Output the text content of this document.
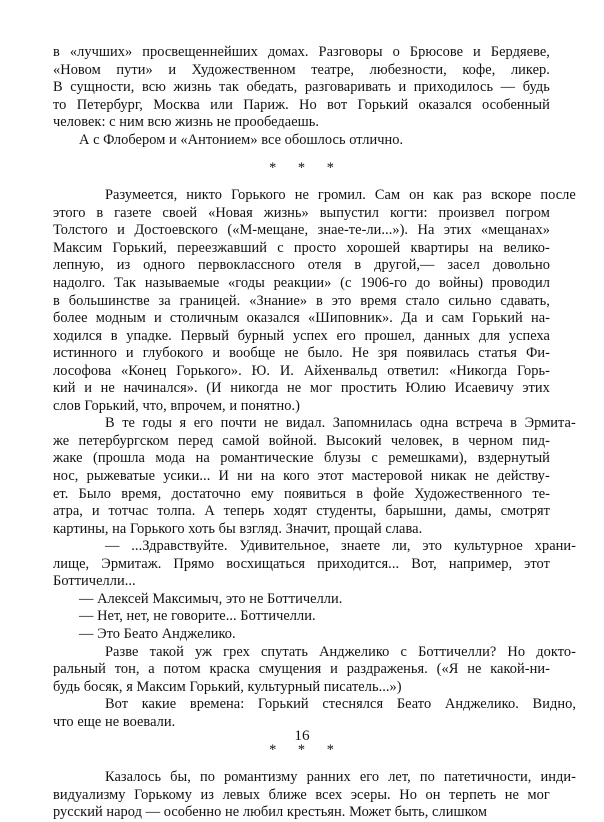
в «лучших» просвещеннейших домах. Разговоры о Брюсове и Бердяеве,
«Новом пути» и Художественном театре, любезности, кофе, ликер.
В сущности, всю жизнь так обедать, разговаривать и приходилось — будь
то Петербург, Москва или Париж. Но вот Горький оказался особенный
человек: с ним всю жизнь не прообедаешь.
А с Флобером и «Антонием» все обошлось отлично.
* * *
Разумеется, никто Горького не громил. Сам он как раз вскоре после
этого в газете своей «Новая жизнь» выпустил когти: произвел погром
Толстого и Достоевского («М-мещане, знае-те-ли...»). На этих «мещанах»
Максим Горький, переезжавший с просто хорошей квартиры на велико-
лепную, из одного первоклассного отеля в другой,— засел довольно
надолго. Так называемые «годы реакции» (с 1906-го до войны) проводил
в большинстве за границей. «Знание» в это время стало сильно сдавать,
более модным и столичным оказался «Шиповник». Да и сам Горький на-
ходился в упадке. Первый бурный успех его прошел, данных для успеха
истинного и глубокого и вообще не было. Не зря появилась статья Фи-
лософова «Конец Горького». Ю. И. Айхенвальд ответил: «Никогда Горь-
кий и не начинался». (И никогда не мог простить Юлию Исаевичу этих
слов Горький, что, впрочем, и понятно.)
В те годы я его почти не видал. Запомнилась одна встреча в Эрмита-
же петербургском перед самой войной. Высокий человек, в черном пид-
жаке (прошла мода на романтические блузы с ремешками), вздернутый
нос, рыжеватые усики... И ни на кого этот мастеровой никак не действу-
ет. Было время, достаточно ему появиться в фойе Художественного те-
атра, и тотчас толпа. А теперь ходят студенты, барышни, дамы, смотрят
картины, на Горького хоть бы взгляд. Значит, прощай слава.
— ...Здравствуйте. Удивительное, знаете ли, это культурное храни-
лище, Эрмитаж. Прямо восхищаться приходится... Вот, например, этот
Боттичелли...
— Алексей Максимыч, это не Боттичелли.
— Нет, нет, не говорите... Боттичелли.
— Это Беато Анджелико.
Разве такой уж грех спутать Анджелико с Боттичелли? Но докто-
ральный тон, а потом краска смущения и раздраженья. («Я не какой-ни-
будь босяк, я Максим Горький, культурный писатель...»)
Вот какие времена: Горький стеснялся Беато Анджелико. Видно,
что еще не воевали.
* * *
Казалось бы, по романтизму ранних его лет, по патетичности, инди-
видуализму Горькому из левых ближе всех эсеры. Но он терпеть не мог
русский народ — особенно не любил крестьян. Может быть, слишком
16
